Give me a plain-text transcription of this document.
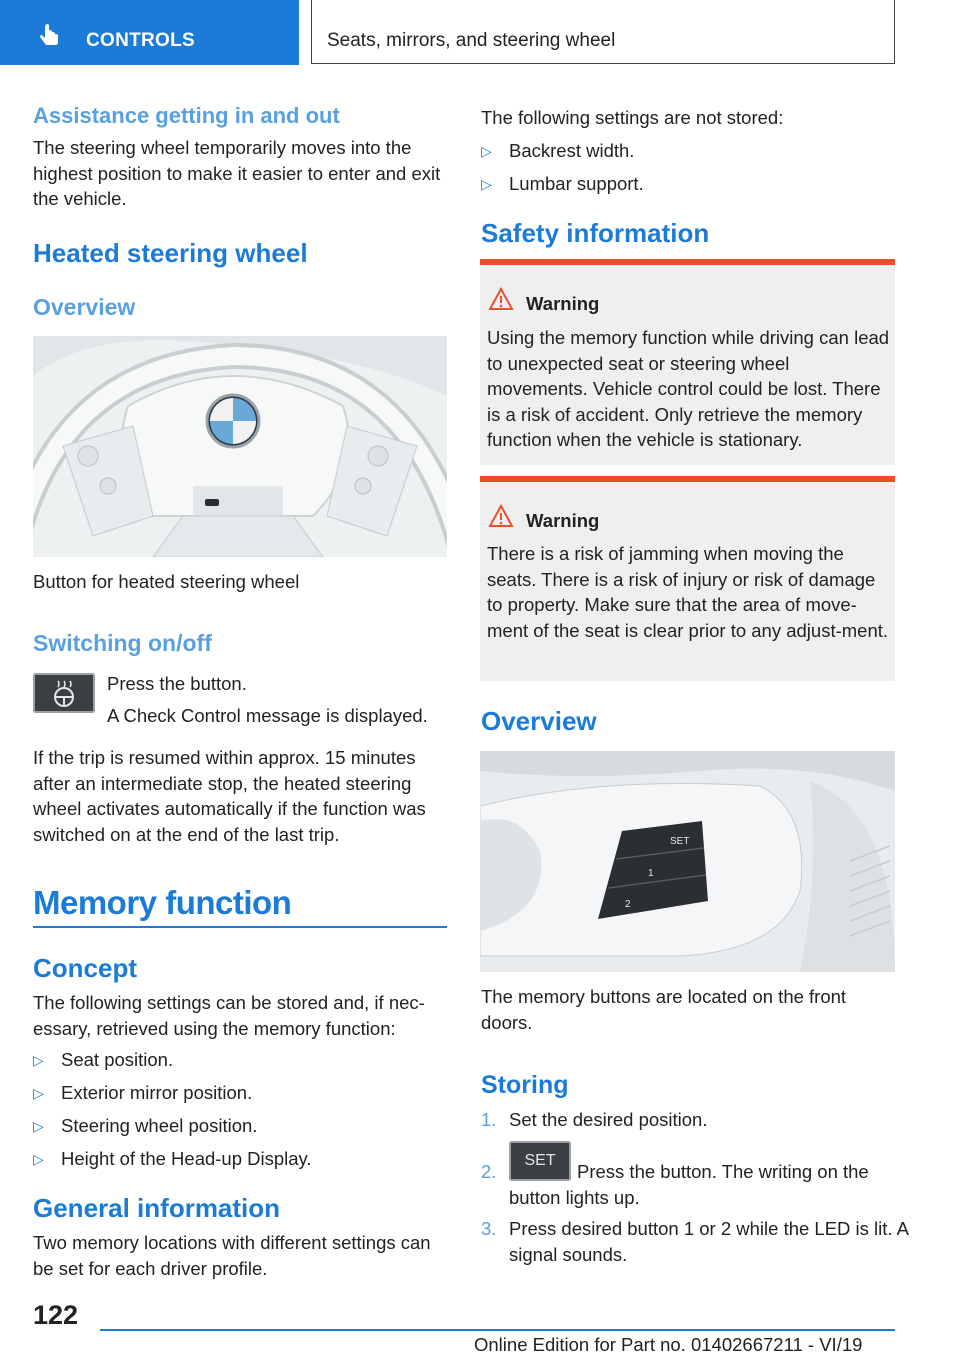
CONTROLS	Seats, mirrors, and steering wheel
Assistance getting in and out

The steering wheel temporarily moves into the highest position to make it easier to enter and exit the vehicle.

Heated steering wheel
Overview

Button for heated steering wheel

Switching on/off

Press the button.

A Check Control message is displayed.

If the trip is resumed within approx. 15 minutes after an intermediate stop, the heated steering wheel activates automatically if the function was switched on at the end of the last trip.

Memory function
Concept

The following settings can be stored and, if nec‐essary, retrieved using the memory function:

▷ Seat position.
▷ Exterior mirror position.
▷ Steering wheel position.
▷ Height of the Head-up Display.
General information

Two memory locations with different settings can be set for each driver profile.

The following settings are not stored:

▷ Backrest width.
▷ Lumbar support.
Safety information
Warning

Using the memory function while driving can lead to unexpected seat or steering wheel movements. Vehicle control could be lost. There is a risk of accident. Only retrieve the memory function when the vehicle is stationary.

Warning

There is a risk of jamming when moving the seats. There is a risk of injury or risk of damage to property. Make sure that the area of move‐ment of the seat is clear prior to any adjust‐ment.

Overview
SET
1
2

The memory buttons are located on the front doors.

Storing
1. Set the desired position.
SET
2.	Press the button. The writing on the button lights up.
3. Press desired button 1 or 2 while the LED is lit. A signal sounds.
122
Online Edition for Part no. 01402667211 - VI/19
